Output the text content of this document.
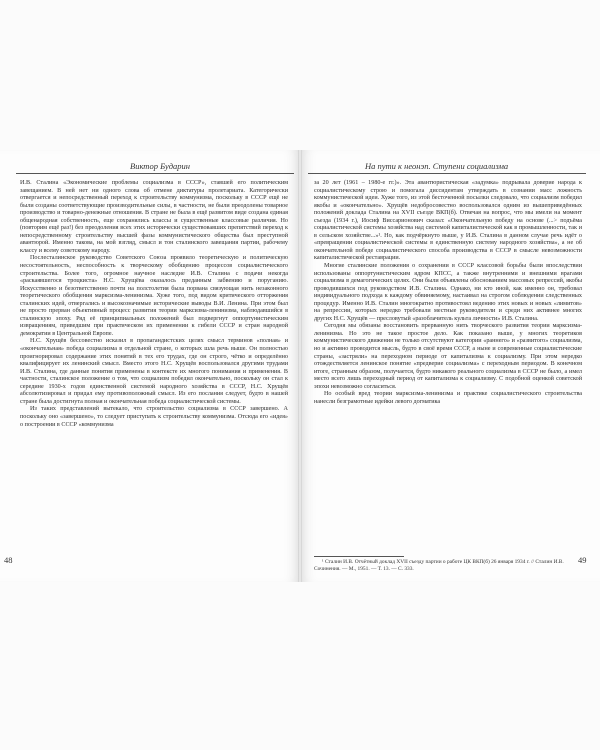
Виктор Бударин	На пути к неонэп. Ступени социализма

И.В. Сталина «Экономические проблемы социализма в СССР», ставшей его политическим завещанием. В ней нет ни одного слова об отмене диктатуры пролетариата. Категорически отвергается и непосредственный переход к строительству коммунизма, поскольку в СССР ещё не были созданы соответствующие производительные силы, в частности, не были преодолены товарное производство и товарно-денежные отношения. В стране не была в ещё развитом виде создана единая общенародная собственность, еще сохранялись классы и существенные классовые различия. Но (повторим ещё раз!) без преодоления всех этих исторически существовавших препятствий переход к непосредственному строительству высшей фазы коммунистического общества был преступной авантюрой. Именно такова, на мой взгляд, смысл и тон сталинского завещания партии, рабочему классу и всему советскому народу.

Послесталинское руководство Советского Союза проявило теоретическую и политическую несостоятельность, неспособность к творческому обобщению процессов социалистического строительства. Более того, огромное научное наследие И.В. Сталина с подачи некогда «раскаявшегося троцкиста» Н.С. Хрущёва оказалось преданным забвению и поруганию. Искусственно и безответственно почти на полстолетия была порвана связующая нить незаконного теоретического обобщения марксизма-ленинизма. Хуже того, под видом критического отторжения сталинских идей, отвергались и высокозначимые исторические выводы В.И. Ленина. При этом был не просто прерван объективный процесс развития теории марксизма-ленинизма, наблюдавшийся в сталинскую эпоху. Ряд её принципиальных положений был подвергнут оппортунистическим извращениям, приведшим при практическом их применении к гибели СССР и стран народной демократии в Центральной Европе.

Н.С. Хрущёв бессовестно исказил в пропагандистских целях смысл терминов «полная» и «окончательная» победа социализма в отдельной стране, о которых шла речь выше. Он полностью проигнорировал содержание этих понятий в тех его трудах, где он строго, чётко и определённо квалифицирует их ленинский смысл. Вместо этого Н.С. Хрущёв воспользовался другими трудами И.В. Сталина, где данные понятия применены в контексте их многого понимания и применения. В частности, сталинское положение о том, что социализм победил окончательно, поскольку он стал к середине 1930-х годов единственной системой народного хозяйства в СССР, Н.С. Хрущёв абсолютизировал и придал ему противоположный смысл. Из его послания следует, будто в нашей стране была достигнута полная и окончательная победа социалистической системы.

Из таких представлений вытекало, что строительство социализма в СССР завершено. А поскольку оно «завершено», то следует приступать к строительству коммунизма. Отсюда его «идея» о построении в СССР «коммунизма

за 20 лет (1961 – 1980-е гг.)». Эта авантюристическая «задумка» подрывала доверие народа к социалистическому строю и помогала диссидентам утверждать в сознании масс ложность коммунистической идеи. Хуже того, из этой бесточенной посылки следовало, что социализм победил якобы и «окончательно». Хрущёв недобросовестно воспользовался одним из вышеприведённых положений доклада Сталина на XVII съезде ВКП(б). Отвечая на вопрос, что мы имели на момент съезда (1934 г.), Иосиф Виссарионович сказал: «Окончательную победу на основе (...> подъёма социалистической системы хозяйства над системой капиталистической как в промышленности, так и в сельском хозяйстве...»¹. Но, как подчёркнуто выше, у И.В. Сталина в данном случае речь идёт о «превращении социалистической системы в единственную систему народного хозяйства», а не об окончательной победе социалистического способа производства в СССР в смысле невозможности капиталистической реставрации.

Многие сталинские положения о сохранении в СССР классовой борьбы были впоследствии использованы оппортунистическим ядром КПСС, а также внутренними и внешними врагами социализма в демагогических целях. Они были объявлены обоснованием массовых репрессий, якобы проводившихся под руководством И.В. Сталина. Однако, ни кто иной, как именно он, требовал индивидуального подхода к каждому обвиняемому, настаивал на строгом соблюдении следственных процедур. Именно И.В. Сталин многократно противостоял ведению этих новых и новых «лимитов» на репрессии, которых нередко требовали местные руководители и среди них активнее многих других Н.С. Хрущёв — пресловутый «разоблачитель культа личности» И.В. Сталина.

Сегодня мы обязаны восстановить прерванную нить творческого развития теории марксизма-ленинизма. Но это не такое простое дело. Как показано выше, у многих теоретиков коммунистического движения не только отсутствуют категории «раннего» и «развитого» социализма, но и активно проводится мысль, будто в своё время СССР, а ныне и современные социалистические страны, «застряли» на переходном периоде от капитализма к социализму. При этом нередко отождествляется ленинское понятие «предверие социализма» с переходным периодом. В конечном итоге, странным образом, получается, будто никакого реального социализма в СССР не было, а имел место всего лишь переходный период от капитализма к социализму. С подобной оценкой советской эпохи невозможно согласиться.

Но особый вред теории марксизма-ленинизма и практике социалистического строительства нанесли безграмотные идейки левого догматика

¹ Сталин И.В. Отчётный доклад XVII съезду партии о работе ЦК ВКП(б) 26 января 1934 г. // Сталин И.В. Сочинения. — М., 1951. — Т. 13. — С. 333.
48	49
